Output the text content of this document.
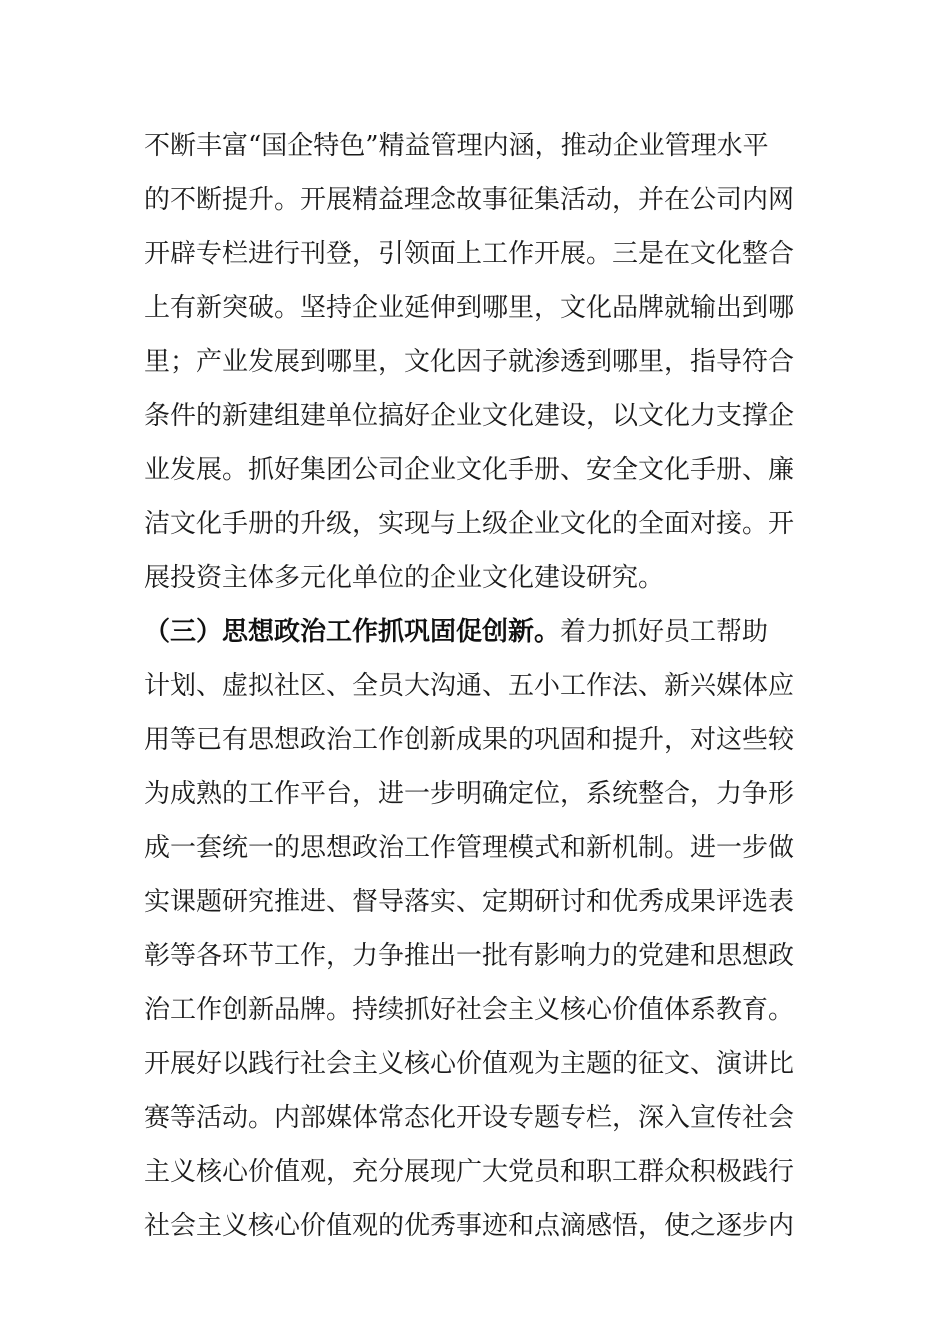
不断丰富“国企特色”精益管理内涵，推动企业管理水平
的不断提升。开展精益理念故事征集活动，并在公司内网
开辟专栏进行刊登，引领面上工作开展。三是在文化整合
上有新突破。坚持企业延伸到哪里，文化品牌就输出到哪
里；产业发展到哪里，文化因子就渗透到哪里，指导符合
条件的新建组建单位搞好企业文化建设，以文化力支撑企
业发展。抓好集团公司企业文化手册、安全文化手册、廉
洁文化手册的升级，实现与上级企业文化的全面对接。开
展投资主体多元化单位的企业文化建设研究。
（三）思想政治工作抓巩固促创新。着力抓好员工帮助
计划、虚拟社区、全员大沟通、五小工作法、新兴媒体应
用等已有思想政治工作创新成果的巩固和提升，对这些较
为成熟的工作平台，进一步明确定位，系统整合，力争形
成一套统一的思想政治工作管理模式和新机制。进一步做
实课题研究推进、督导落实、定期研讨和优秀成果评选表
彰等各环节工作，力争推出一批有影响力的党建和思想政
治工作创新品牌。持续抓好社会主义核心价值体系教育。
开展好以践行社会主义核心价值观为主题的征文、演讲比
赛等活动。内部媒体常态化开设专题专栏，深入宣传社会
主义核心价值观，充分展现广大党员和职工群众积极践行
社会主义核心价值观的优秀事迹和点滴感悟，使之逐步内
